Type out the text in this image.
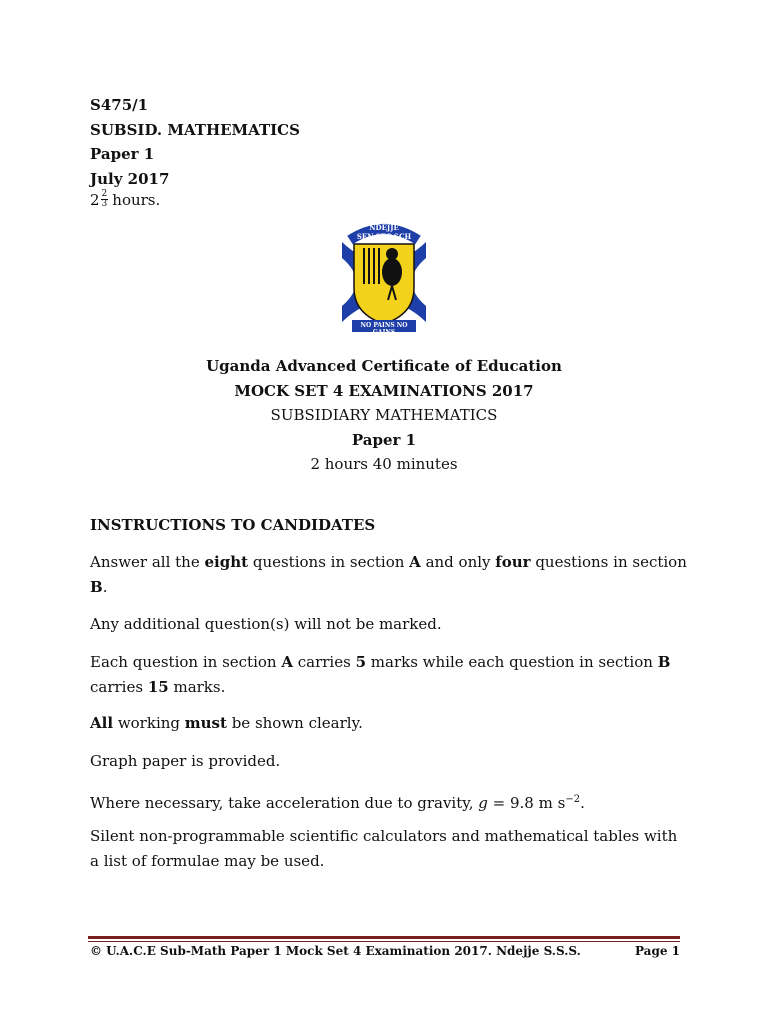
S475/1
SUBSID. MATHEMATICS
Paper 1
July 2017
$2 \frac{2}{3}$ hours.
NDEJJE SEN.SEC.SCH
NO PAINS NO GAINS
Uganda Advanced Certificate of Education
MOCK SET 4 EXAMINATIONS 2017
SUBSIDIARY MATHEMATICS
Paper 1
2 hours 40 minutes
INSTRUCTIONS TO CANDIDATES
Answer all the eight questions in section A and only four questions in section B.
Any additional question(s) will not be marked.
Each question in section A carries 5 marks while each question in section B carries 15 marks.
All working must be shown clearly.
Graph paper is provided.
Where necessary, take acceleration due to gravity, g = 9.8 m $s^{-2}$.
Silent non-programmable scientific calculators and mathematical tables with a list of formulae may be used.
© U.A.C.E Sub-Math Paper 1 Mock Set 4 Examination 2017. Ndejje S.S.S.	Page 1
